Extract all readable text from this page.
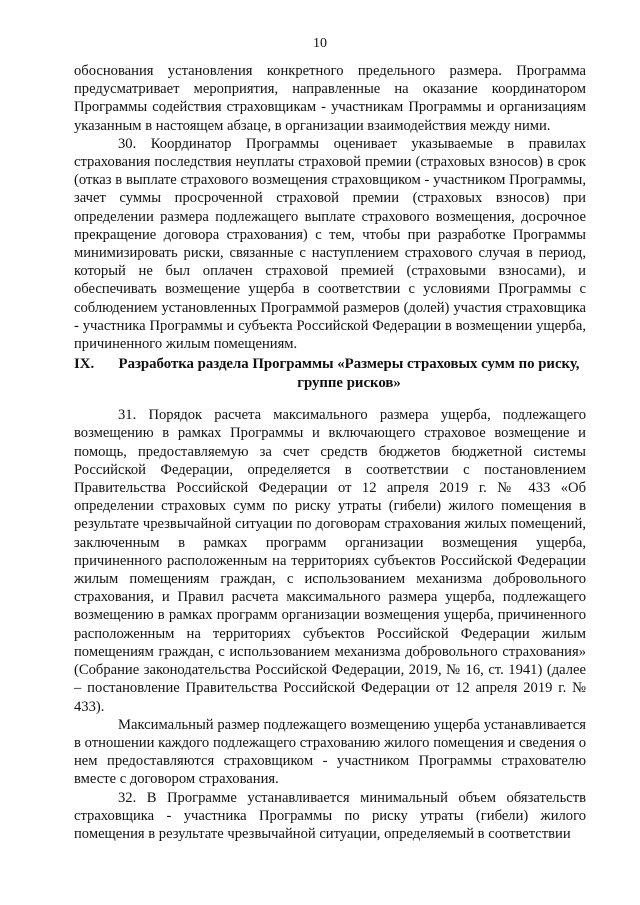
10

обоснования установления конкретного предельного размера. Программа предусматривает мероприятия, направленные на оказание координатором Программы содействия страховщикам - участникам Программы и организациям указанным в настоящем абзаце, в организации взаимодействия между ними.

30. Координатор Программы оценивает указываемые в правилах страхования последствия неуплаты страховой премии (страховых взносов) в срок (отказ в выплате страхового возмещения страховщиком - участником Программы, зачет суммы просроченной страховой премии (страховых взносов) при определении размера подлежащего выплате страхового возмещения, досрочное прекращение договора страхования) с тем, чтобы при разработке Программы минимизировать риски, связанные с наступлением страхового случая в период, который не был оплачен страховой премией (страховыми взносами), и обеспечивать возмещение ущерба в соответствии с условиями Программы с соблюдением установленных Программой размеров (долей) участия страховщика - участника Программы и субъекта Российской Федерации в возмещении ущерба, причиненного жилым помещениям.

IX.	Разработка раздела Программы «Размеры страховых сумм по риску, группе рисков»

31. Порядок расчета максимального размера ущерба, подлежащего возмещению в рамках Программы и включающего страховое возмещение и помощь, предоставляемую за счет средств бюджетов бюджетной системы Российской Федерации, определяется в соответствии с постановлением Правительства Российской Федерации от 12 апреля 2019 г. № 433 «Об определении страховых сумм по риску утраты (гибели) жилого помещения в результате чрезвычайной ситуации по договорам страхования жилых помещений, заключенным в рамках программ организации возмещения ущерба, причиненного расположенным на территориях субъектов Российской Федерации жилым помещениям граждан, с использованием механизма добровольного страхования, и Правил расчета максимального размера ущерба, подлежащего возмещению в рамках программ организации возмещения ущерба, причиненного расположенным на территориях субъектов Российской Федерации жилым помещениям граждан, с использованием механизма добровольного страхования» (Собрание законодательства Российской Федерации, 2019, № 16, ст. 1941) (далее – постановление Правительства Российской Федерации от 12 апреля 2019 г. № 433).

Максимальный размер подлежащего возмещению ущерба устанавливается в отношении каждого подлежащего страхованию жилого помещения и сведения о нем предоставляются страховщиком - участником Программы страхователю вместе с договором страхования.

32. В Программе устанавливается минимальный объем обязательств страховщика - участника Программы по риску утраты (гибели) жилого помещения в результате чрезвычайной ситуации, определяемый в соответствии
